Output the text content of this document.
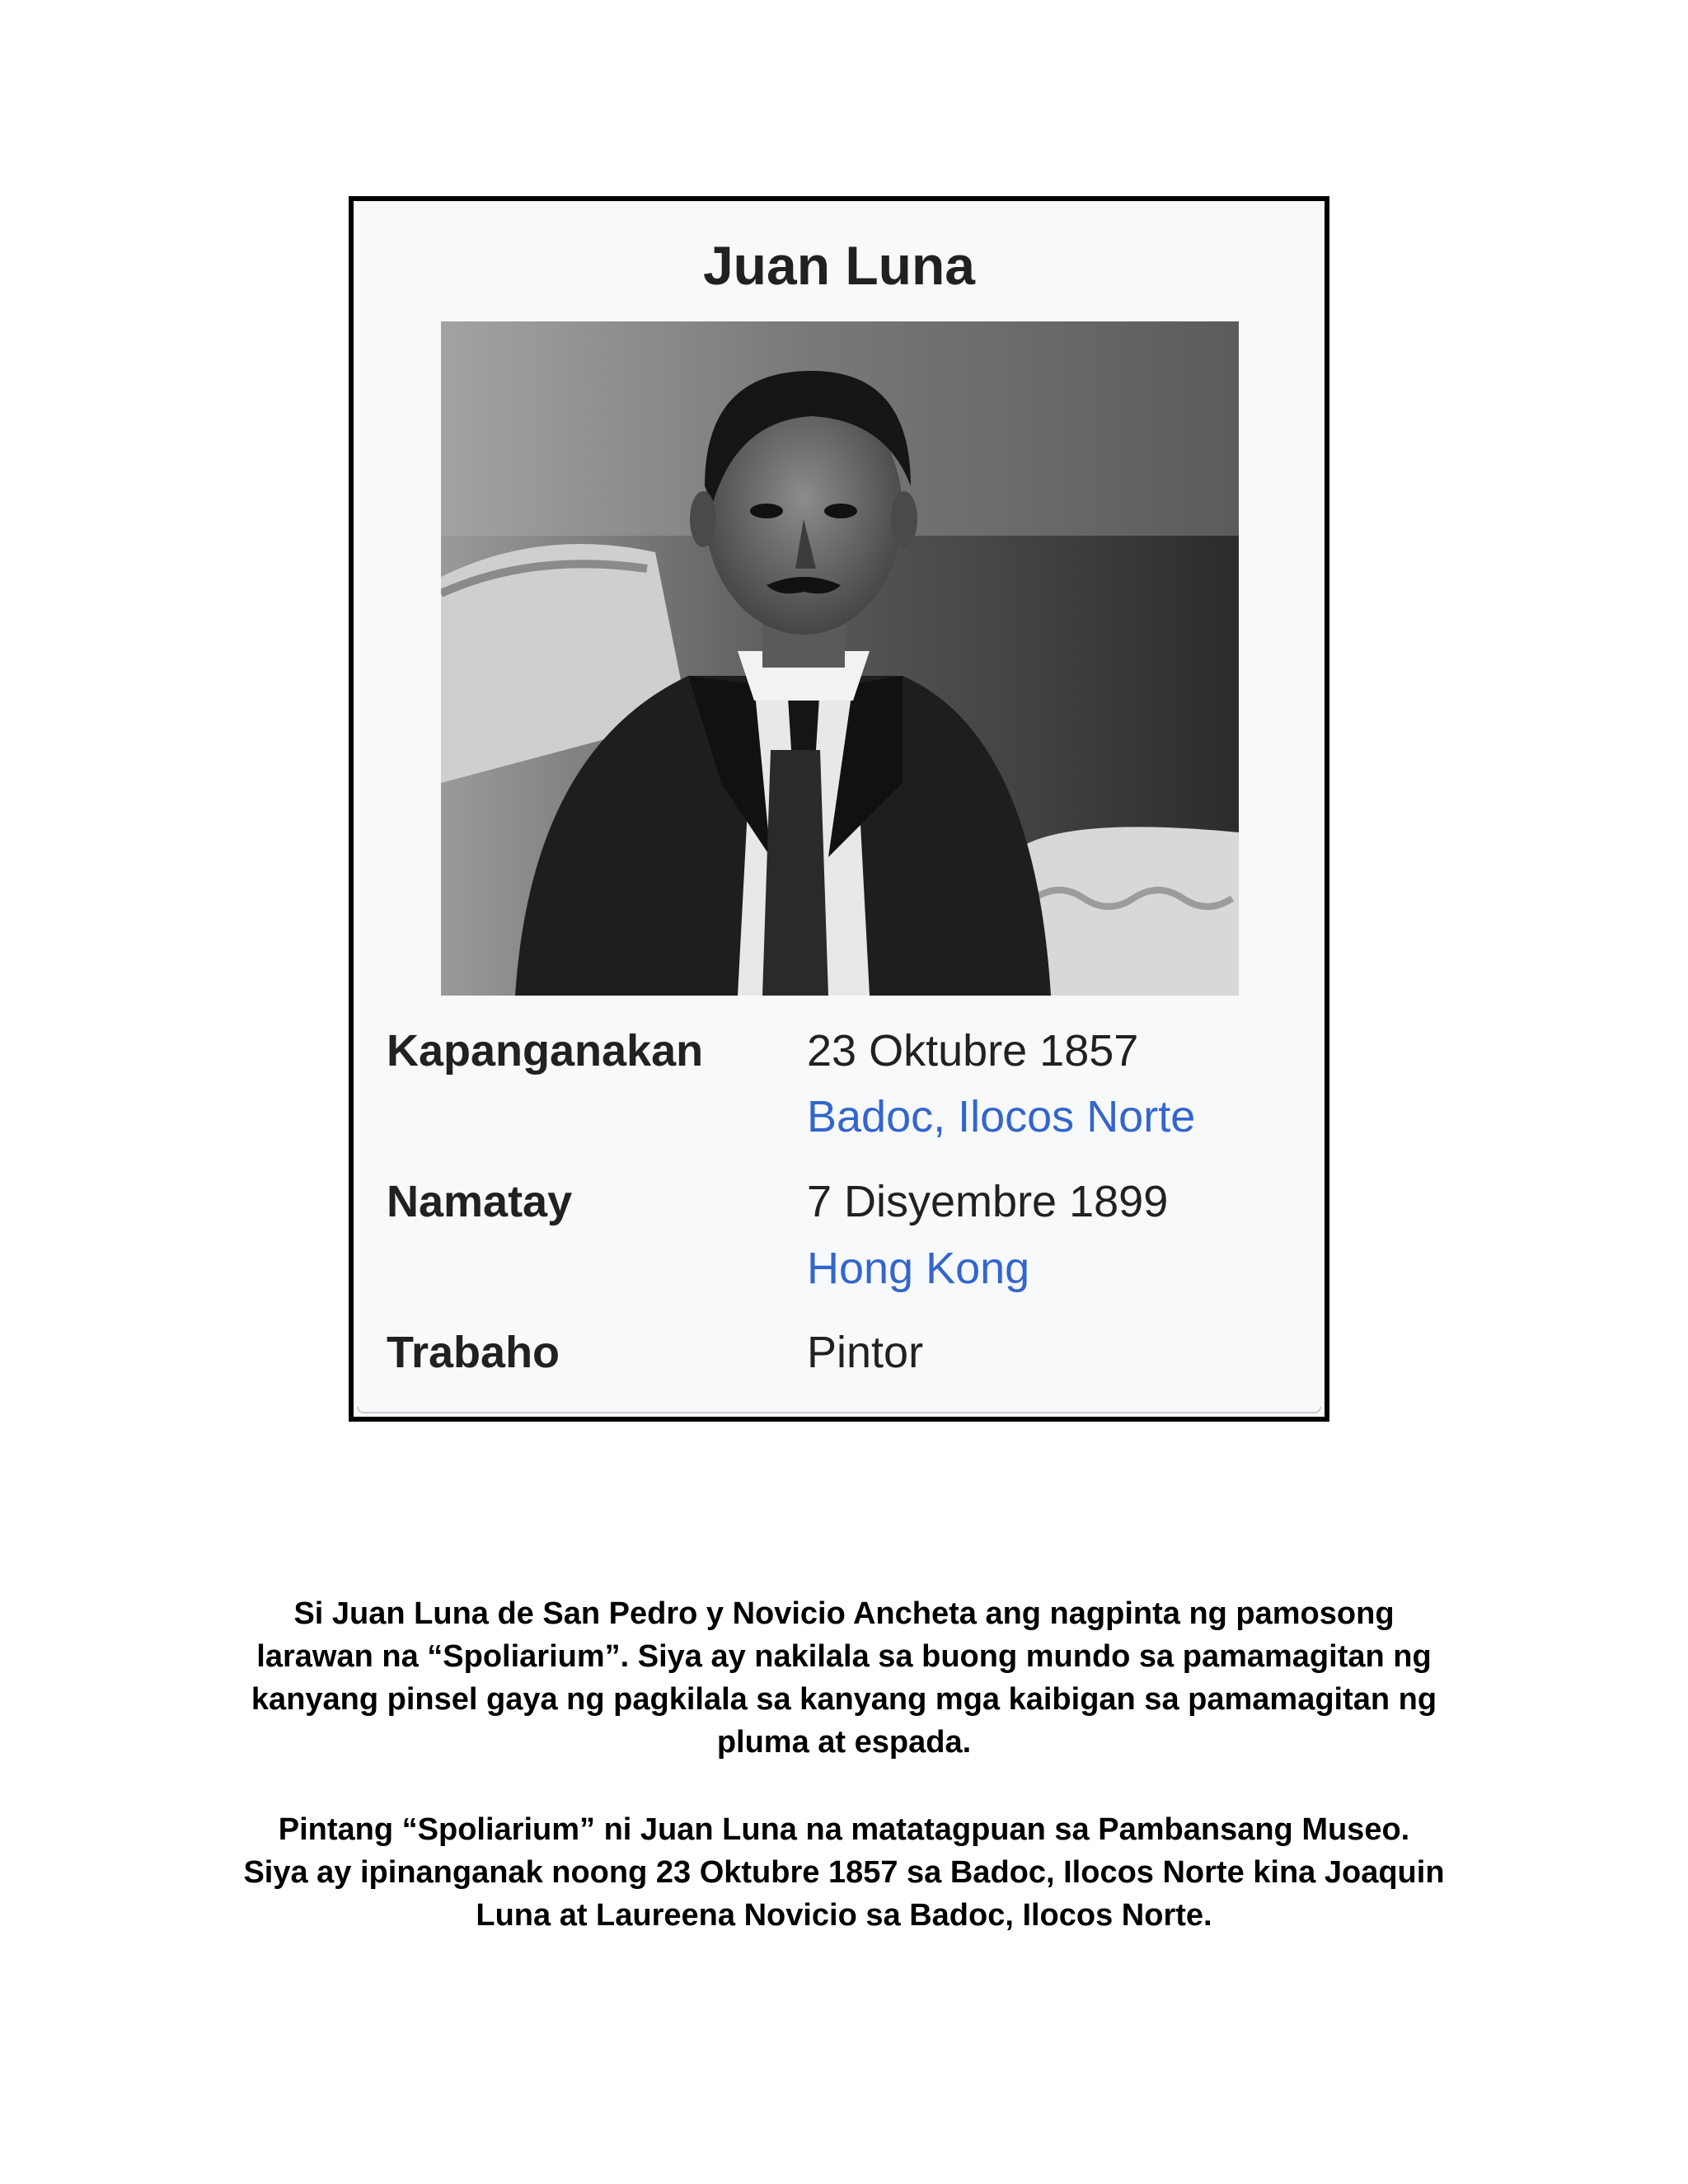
Juan Luna
Kapanganakan 23 Oktubre 1857
Badoc, Ilocos Norte
Namatay	7 Disyembre 1899
Hong Kong
Trabaho	Pintor
Si Juan Luna de San Pedro y Novicio Ancheta ang nagpinta ng pamosong
larawan na “Spoliarium”. Siya ay nakilala sa buong mundo sa pamamagitan ng
kanyang pinsel gaya ng pagkilala sa kanyang mga kaibigan sa pamamagitan ng
pluma at espada.
Pintang “Spoliarium” ni Juan Luna na matatagpuan sa Pambansang Museo.
Siya ay ipinanganak noong 23 Oktubre 1857 sa Badoc, Ilocos Norte kina Joaquin
Luna at Laureena Novicio sa Badoc, Ilocos Norte.
